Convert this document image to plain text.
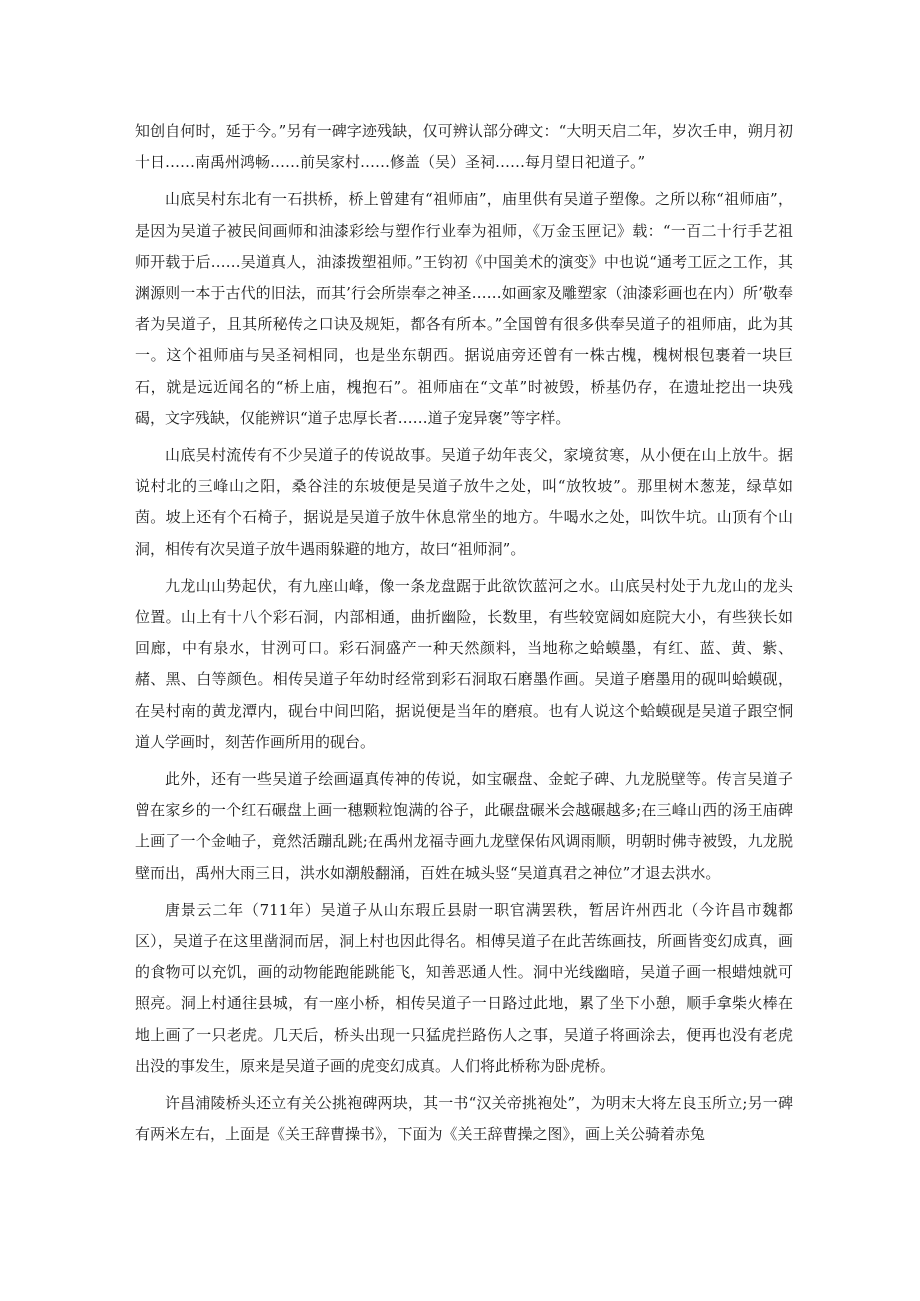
知创自何时，延于今。”另有一碑字迹残缺，仅可辨认部分碑文：“大明天启二年，岁次壬申，朔月初十日……南禹州鸿畅……前吴家村……修盖（吴）圣祠……每月望日祀道子。”

山底吴村东北有一石拱桥，桥上曾建有“祖师庙”，庙里供有吴道子塑像。之所以称“祖师庙”，是因为吴道子被民间画师和油漆彩绘与塑作行业奉为祖师，《万金玉匣记》载：“一百二十行手艺祖师开载于后……吴道真人，油漆拨塑祖师。”王钧初《中国美术的演变》中也说“通考工匠之工作，其渊源则一本于古代的旧法，而其’行会所崇奉之神圣……如画家及雕塑家（油漆彩画也在内）所’敬奉者为吴道子，且其所秘传之口诀及规矩，都各有所本。”全国曾有很多供奉吴道子的祖师庙，此为其一。这个祖师庙与吴圣祠相同，也是坐东朝西。据说庙旁还曾有一株古槐，槐树根包裹着一块巨石，就是远近闻名的“桥上庙，槐抱石”。祖师庙在“文革”时被毁，桥基仍存，在遗址挖出一块残碣，文字残缺，仅能辨识“道子忠厚长者……道子宠异褒”等字样。

山底吴村流传有不少吴道子的传说故事。吴道子幼年丧父，家境贫寒，从小便在山上放牛。据说村北的三峰山之阳，桑谷洼的东坡便是吴道子放牛之处，叫“放牧坡”。那里树木葱茏，绿草如茵。坡上还有个石椅子，据说是吴道子放牛休息常坐的地方。牛喝水之处，叫饮牛坑。山顶有个山洞，相传有次吴道子放牛遇雨躲避的地方，故曰“祖师洞”。

九龙山山势起伏，有九座山峰，像一条龙盘踞于此欲饮蓝河之水。山底吴村处于九龙山的龙头位置。山上有十八个彩石洞，内部相通，曲折幽险，长数里，有些较宽阔如庭院大小，有些狭长如回廊，中有泉水，甘洌可口。彩石洞盛产一种天然颜料，当地称之蛤蟆墨，有红、蓝、黄、紫、赭、黑、白等颜色。相传吴道子年幼时经常到彩石洞取石磨墨作画。吴道子磨墨用的砚叫蛤蟆砚，在吴村南的黄龙潭内，砚台中间凹陷，据说便是当年的磨痕。也有人说这个蛤蟆砚是吴道子跟空恫道人学画时，刻苦作画所用的砚台。

此外，还有一些吴道子绘画逼真传神的传说，如宝碾盘、金蛇子碑、九龙脱壁等。传言吴道子曾在家乡的一个红石碾盘上画一穗颗粒饱满的谷子，此碾盘碾米会越碾越多;在三峰山西的汤王庙碑上画了一个金岫子，竟然活蹦乱跳;在禹州龙福寺画九龙壁保佑风调雨顺，明朝时佛寺被毁，九龙脱壁而出，禹州大雨三日，洪水如潮般翻涌，百姓在城头竖“吴道真君之神位”才退去洪水。

唐景云二年（711年）吴道子从山东瑕丘县尉一职官满罢秩，暂居许州西北（今许昌市魏都区），吴道子在这里凿洞而居，洞上村也因此得名。相傅吴道子在此苦练画技，所画皆变幻成真，画的食物可以充饥，画的动物能跑能跳能飞，知善恶通人性。洞中光线幽暗，吴道子画一根蜡烛就可照亮。洞上村通往县城，有一座小桥，相传吴道子一日路过此地，累了坐下小憩，顺手拿柴火棒在地上画了一只老虎。几天后，桥头出现一只猛虎拦路伤人之事，吴道子将画涂去，便再也没有老虎出没的事发生，原来是吴道子画的虎变幻成真。人们将此桥称为卧虎桥。

许昌浦陵桥头还立有关公挑袍碑两块，其一书“汉关帝挑袍处”，为明末大将左良玉所立;另一碑有两米左右，上面是《关王辞曹操书》，下面为《关王辞曹操之图》，画上关公骑着赤兔
